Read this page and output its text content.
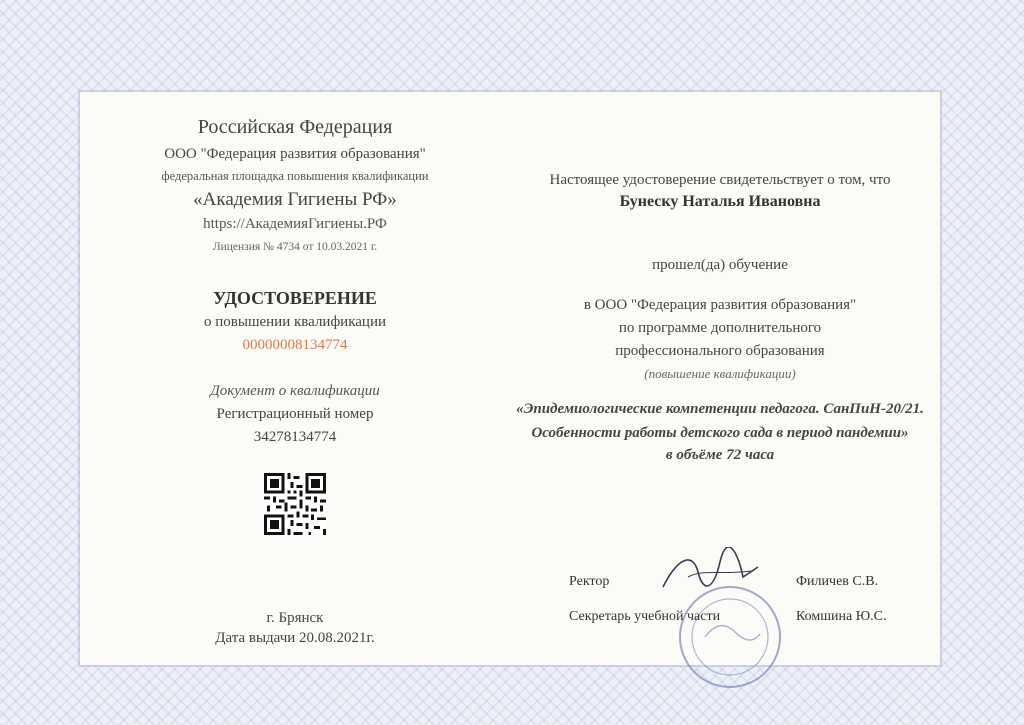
Российская Федерация
ООО "Федерация развития образования"
федеральная площадка повышения квалификации
«Академия Гигиены РФ»
https://АкадемияГигиены.РФ
Лицензия № 4734 от 10.03.2021 г.
УДОСТОВЕРЕНИЕ
о повышении квалификации
00000008134774
Документ о квалификации
Регистрационный номер
34278134774
г. Брянск
Дата выдачи 20.08.2021г.
Настоящее удостоверение свидетельствует о том, что
Бунеску Наталья Ивановна
прошел(да) обучение
в ООО "Федерация развития образования"
по программе дополнительного
профессионального образования
(повышение квалификации)
«Эпидемиологические компетенции педагога. СанПиН-20/21.
Особенности работы детского сада в период пандемии»
в объёме 72 часа
Ректор	Филичев С.В.
Секретарь учебной части	Комшина Ю.С.
